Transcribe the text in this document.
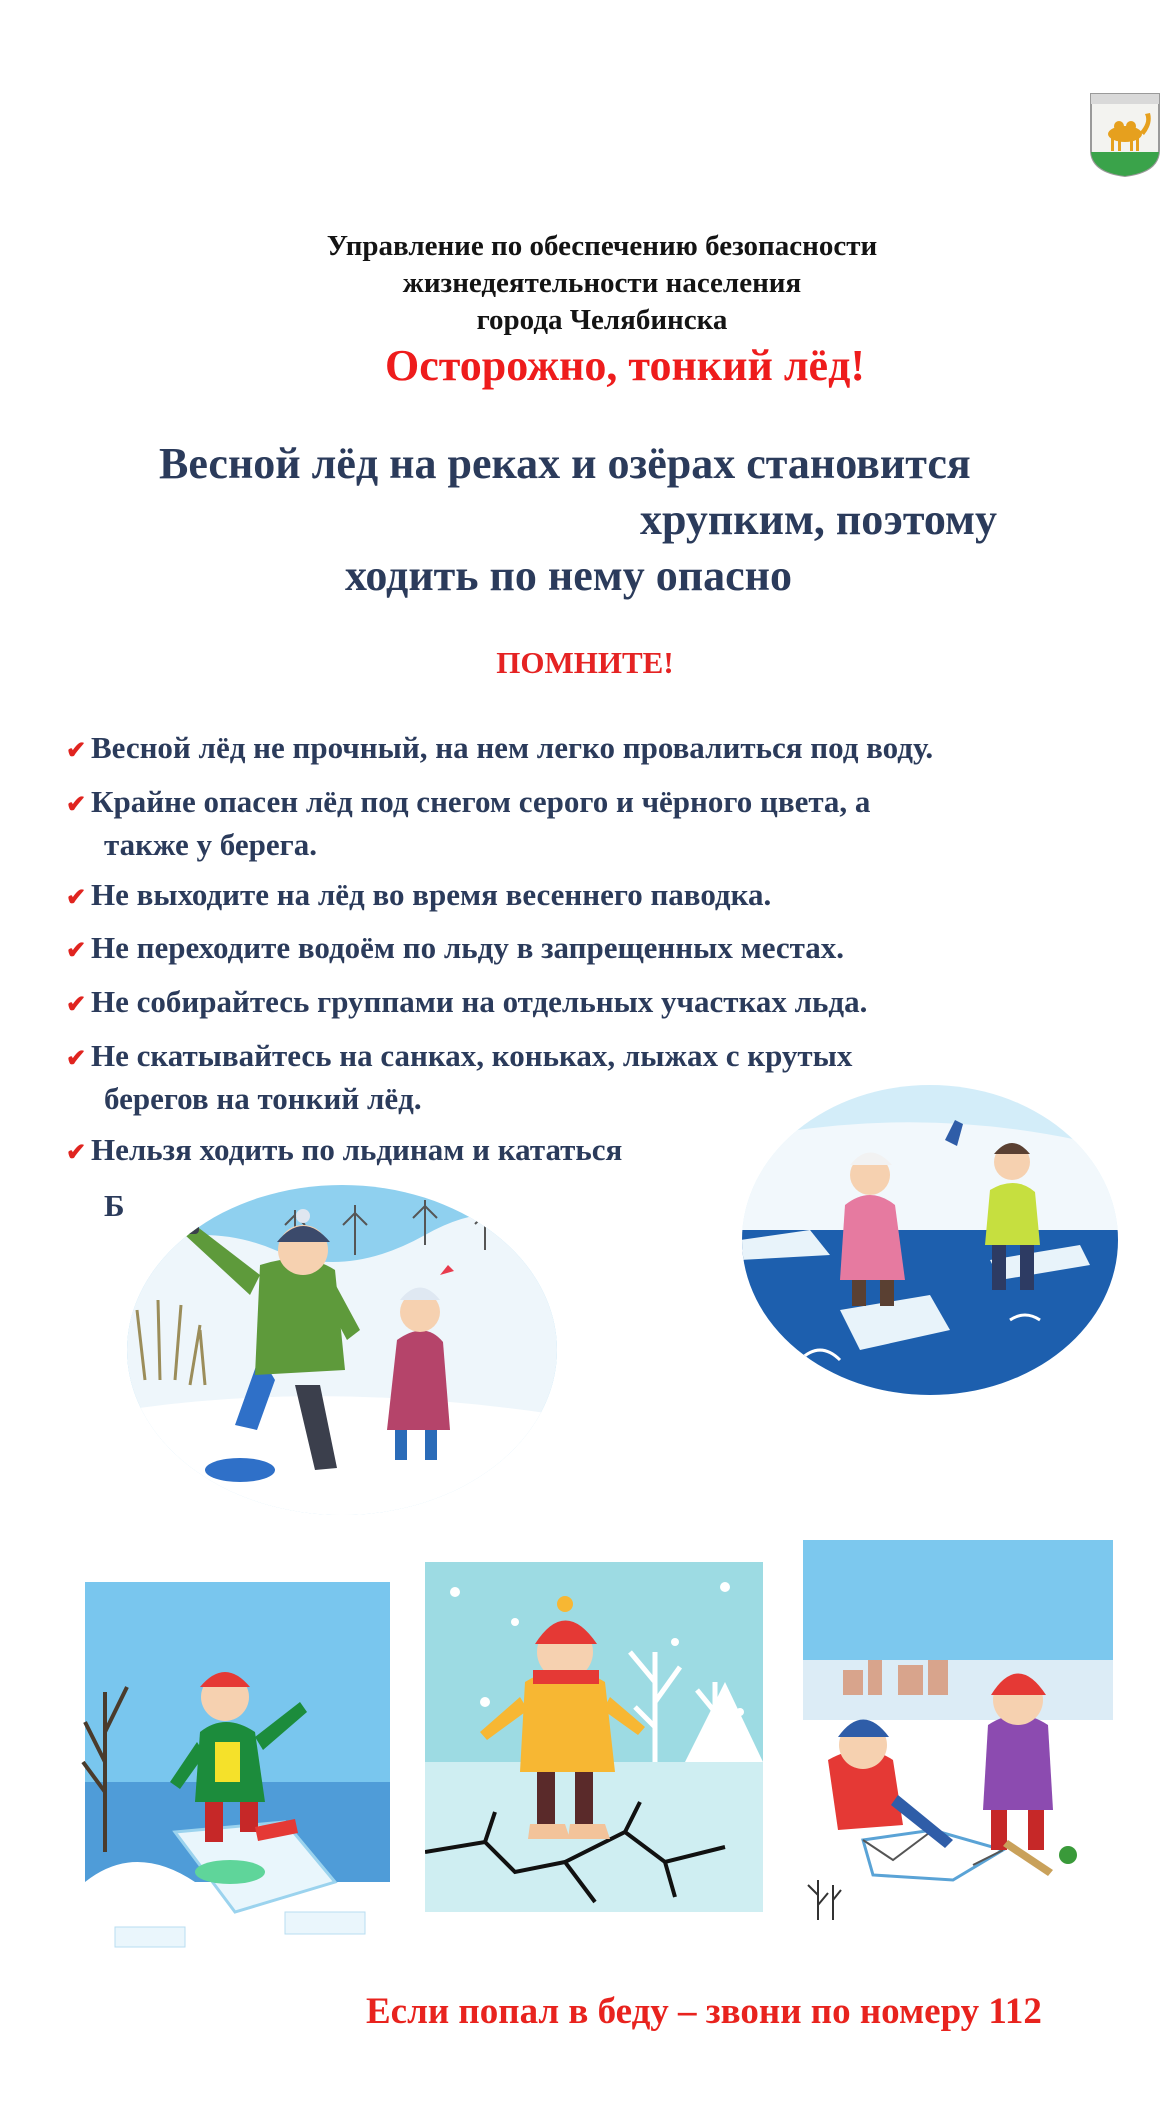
Управление по обеспечению безопасности
жизнедеятельности населения
города Челябинска
Осторожно, тонкий лёд!
Весной лёд на реках и озёрах становится
хрупким, поэтому
ходить по нему опасно
ПОМНИТЕ!
✔ Весной лёд не прочный, на нем легко провалиться под воду.
✔ Крайне опасен лёд под снегом серого и чёрного цвета, а
также у берега.
✔ Не выходите на лёд во время весеннего паводка.
✔ Не переходите водоём по льду в запрещенных местах.
✔ Не собирайтесь группами на отдельных участках льда.
✔ Не скатывайтесь на санках, коньках, лыжах с крутых
берегов на тонкий лёд.
✔ Нельзя ходить по льдинам и кататься
Б
Если попал в беду – звони по номеру 112
